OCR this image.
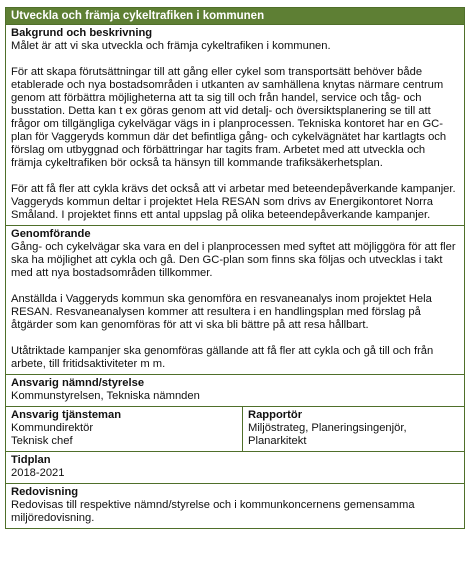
Utveckla och främja cykeltrafiken i kommunen
Bakgrund och beskrivning
Målet är att vi ska utveckla och främja cykeltrafiken i kommunen.
För att skapa förutsättningar till att gång eller cykel som transportsätt behöver både etablerade och nya bostadsområden i utkanten av samhällena knytas närmare centrum genom att förbättra möjligheterna att ta sig till och från handel, service och tåg- och busstation. Detta kan t ex göras genom att vid detalj- och översiktsplanering se till att frågor om tillgängliga cykelvägar vägs in i planprocessen. Tekniska kontoret har en GC-plan för Vaggeryds kommun där det befintliga gång- och cykelvägnätet har kartlagts och förslag om utbyggnad och förbättringar har tagits fram. Arbetet med att utveckla och främja cykeltrafiken bör också ta hänsyn till kommande trafiksäkerhetsplan.
För att få fler att cykla krävs det också att vi arbetar med beteendepåverkande kampanjer. Vaggeryds kommun deltar i projektet Hela RESAN som drivs av Energikontoret Norra Småland. I projektet finns ett antal uppslag på olika beteendepåverkande kampanjer.
Genomförande
Gång- och cykelvägar ska vara en del i planprocessen med syftet att möjliggöra för att fler ska ha möjlighet att cykla och gå. Den GC-plan som finns ska följas och utvecklas i takt med att nya bostadsområden tillkommer.
Anställda i Vaggeryds kommun ska genomföra en resvaneanalys inom projektet Hela RESAN. Resvaneanalysen kommer att resultera i en handlingsplan med förslag på åtgärder som kan genomföras för att vi ska bli bättre på att resa hållbart.
Utåtriktade kampanjer ska genomföras gällande att få fler att cykla och gå till och från arbete, till fritidsaktiviteter m m.
Ansvarig nämnd/styrelse
Kommunstyrelsen, Tekniska nämnden
Ansvarig tjänsteman
Kommundirektör
Teknisk chef
Rapportör
Miljöstrateg, Planeringsingenjör,
Planarkitekt
Tidplan
2018-2021
Redovisning
Redovisas till respektive nämnd/styrelse och i kommunkoncernens gemensamma miljöredovisning.
